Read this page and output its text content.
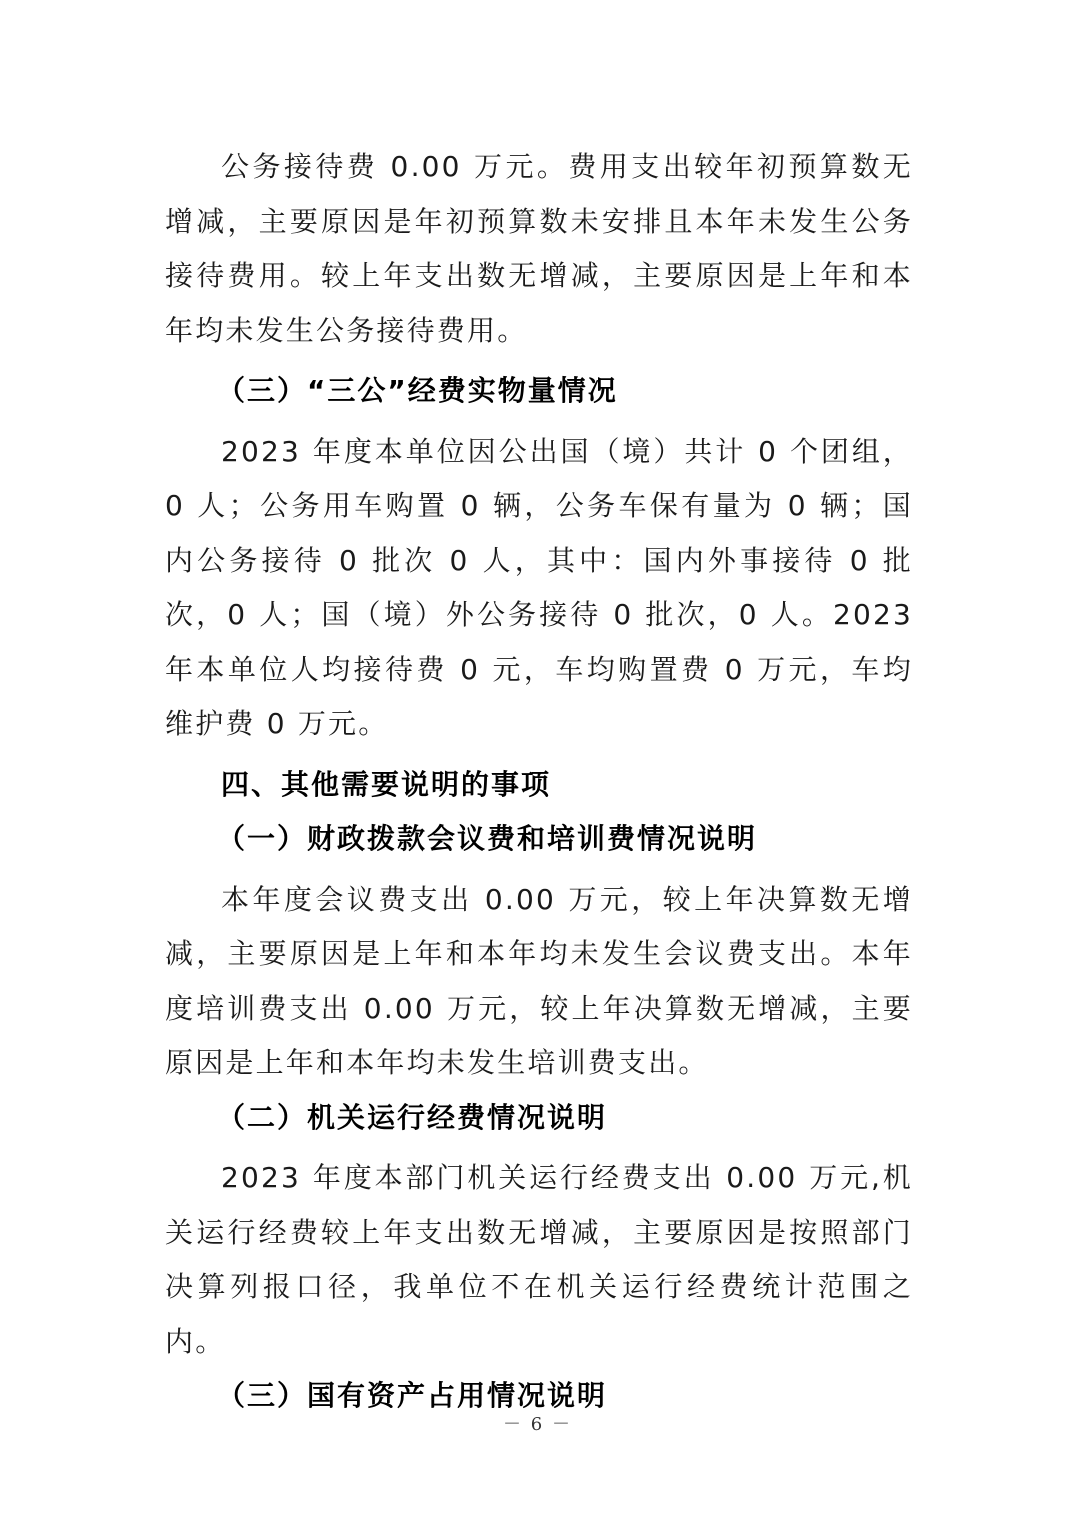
公务接待费 0.00 万元。费用支出较年初预算数无增减，主要原因是年初预算数未安排且本年未发生公务接待费用。较上年支出数无增减，主要原因是上年和本年均未发生公务接待费用。

（三）“三公”经费实物量情况

2023 年度本单位因公出国（境）共计 0 个团组，0 人；公务用车购置 0 辆，公务车保有量为 0 辆；国内公务接待 0 批次 0 人，其中：国内外事接待 0 批次，0 人；国（境）外公务接待 0 批次，0 人。2023 年本单位人均接待费 0 元，车均购置费 0 万元，车均维护费 0 万元。

四、其他需要说明的事项

（一）财政拨款会议费和培训费情况说明

本年度会议费支出 0.00 万元，较上年决算数无增减，主要原因是上年和本年均未发生会议费支出。本年度培训费支出 0.00 万元，较上年决算数无增减，主要原因是上年和本年均未发生培训费支出。

（二）机关运行经费情况说明

2023 年度本部门机关运行经费支出 0.00 万元,机关运行经费较上年支出数无增减，主要原因是按照部门决算列报口径，我单位不在机关运行经费统计范围之内。

（三）国有资产占用情况说明

－ 6 －
